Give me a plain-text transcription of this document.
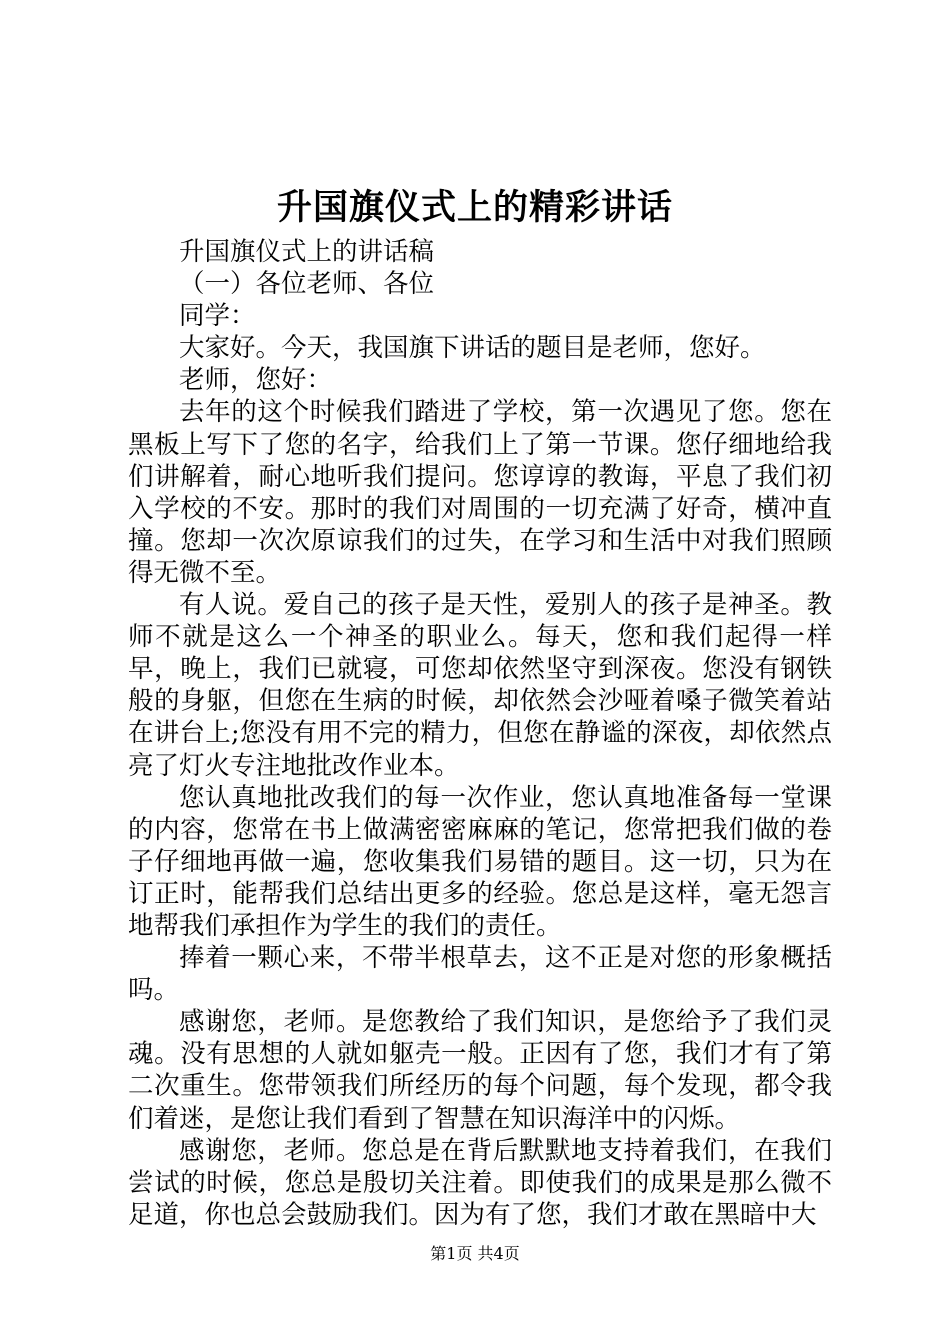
升国旗仪式上的精彩讲话

升国旗仪式上的讲话稿

（一）各位老师、各位

同学：

大家好。今天，我国旗下讲话的题目是老师，您好。

老师，您好：

去年的这个时候我们踏进了学校，第一次遇见了您。您在黑板上写下了您的名字，给我们上了第一节课。您仔细地给我们讲解着，耐心地听我们提问。您谆谆的教诲，平息了我们初入学校的不安。那时的我们对周围的一切充满了好奇，横冲直撞。您却一次次原谅我们的过失，在学习和生活中对我们照顾得无微不至。

有人说。爱自己的孩子是天性，爱别人的孩子是神圣。教师不就是这么一个神圣的职业么。每天，您和我们起得一样早，晚上，我们已就寝，可您却依然坚守到深夜。您没有钢铁般的身躯，但您在生病的时候，却依然会沙哑着嗓子微笑着站在讲台上;您没有用不完的精力，但您在静谧的深夜，却依然点亮了灯火专注地批改作业本。

您认真地批改我们的每一次作业，您认真地准备每一堂课的内容，您常在书上做满密密麻麻的笔记，您常把我们做的卷子仔细地再做一遍，您收集我们易错的题目。这一切，只为在订正时，能帮我们总结出更多的经验。您总是这样，毫无怨言地帮我们承担作为学生的我们的责任。

捧着一颗心来，不带半根草去，这不正是对您的形象概括吗。

感谢您，老师。是您教给了我们知识，是您给予了我们灵魂。没有思想的人就如躯壳一般。正因有了您，我们才有了第二次重生。您带领我们所经历的每个问题，每个发现，都令我们着迷，是您让我们看到了智慧在知识海洋中的闪烁。

感谢您，老师。您总是在背后默默地支持着我们，在我们尝试的时候，您总是殷切关注着。即使我们的成果是那么微不足道，你也总会鼓励我们。因为有了您，我们才敢在黑暗中大

第1页 共4页
